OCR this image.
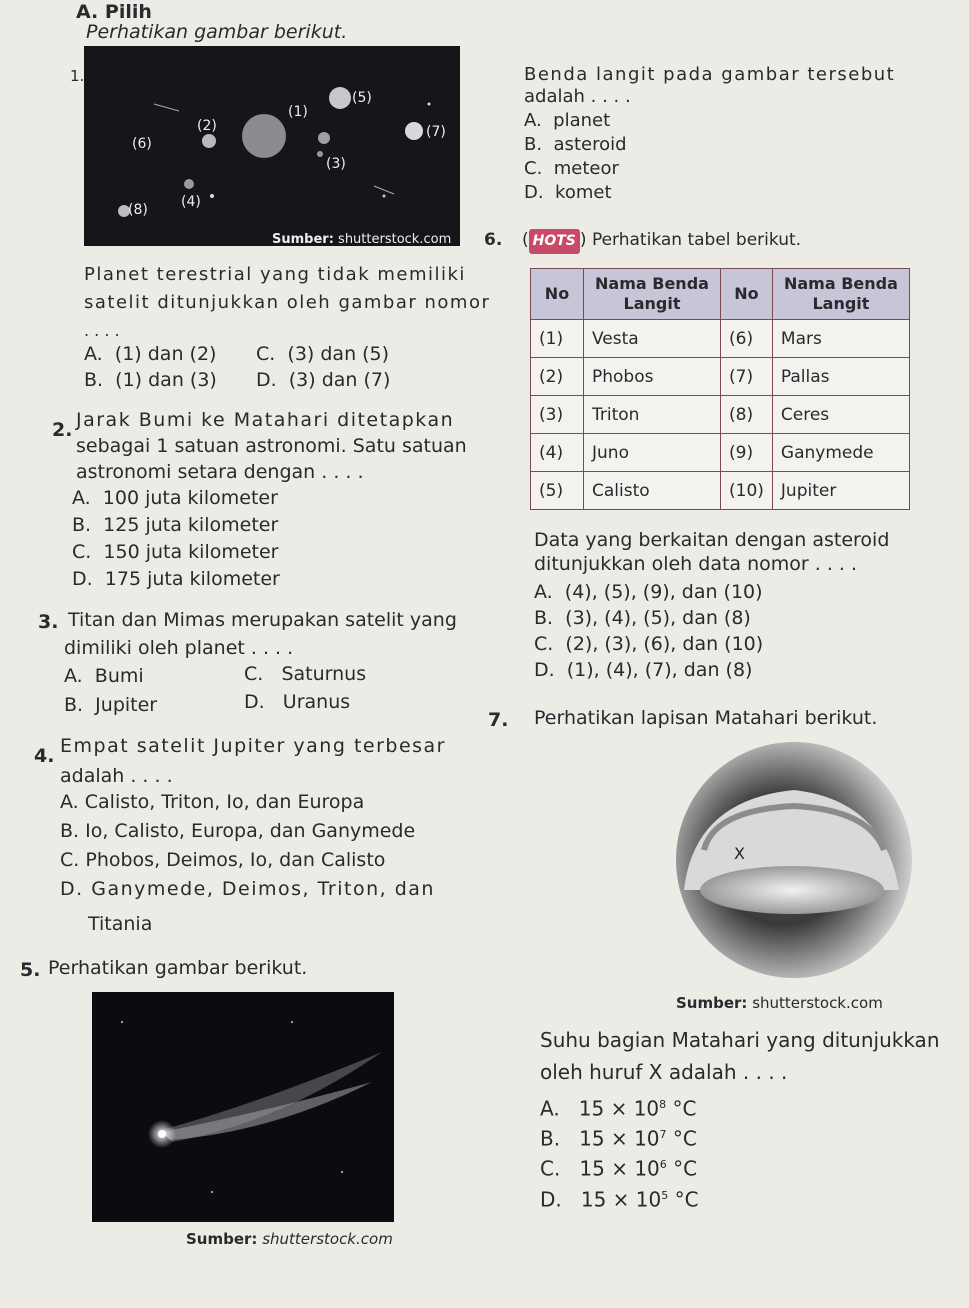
A. Pilih
1.
Perhatikan gambar berikut.
(1)
(2)
(3)
(4)
(5)
(6)
(7)
(8)
Sumber: shutterstock.com
Planet terestrial yang tidak memiliki
satelit ditunjukkan oleh gambar nomor
. . . .
A. (1) dan (2)
B. (1) dan (3)
C. (3) dan (5)
D. (3) dan (7)
2. Jarak Bumi ke Matahari ditetapkan
sebagai 1 satuan astronomi. Satu satuan
astronomi setara dengan . . . .
A. 100 juta kilometer
B. 125 juta kilometer
C. 150 juta kilometer
D. 175 juta kilometer
3. Titan dan Mimas merupakan satelit yang
dimiliki oleh planet . . . .
A. Bumi
B. Jupiter
C. Saturnus
D. Uranus
4. Empat satelit Jupiter yang terbesar
adalah . . . .
A. Calisto, Triton, Io, dan Europa
B. Io, Calisto, Europa, dan Ganymede
C. Phobos, Deimos, Io, dan Calisto
D. Ganymede, Deimos, Triton, dan
Titania
5. Perhatikan gambar berikut.
Sumber: shutterstock.com
Benda langit pada gambar tersebut
adalah . . . .
A. planet
B. asteroid
C. meteor
D. komet
6. ( HOTS ) Perhatikan tabel berikut.
No	Nama Benda Langit	No	Nama Benda Langit
(1)	Vesta	(6)	Mars
(2)	Phobos	(7)	Pallas
(3)	Triton	(8)	Ceres
(4)	Juno	(9)	Ganymede
(5)	Calisto	(10)	Jupiter
Data yang berkaitan dengan asteroid
ditunjukkan oleh data nomor . . . .
A. (4), (5), (9), dan (10)
B. (3), (4), (5), dan (8)
C. (2), (3), (6), dan (10)
D. (1), (4), (7), dan (8)
7. Perhatikan lapisan Matahari berikut.
X
Sumber: shutterstock.com
Suhu bagian Matahari yang ditunjukkan
oleh huruf X adalah . . . .
A. $15 \times 10^8$ °C
B. $15 \times 10^7$ °C
C. $15 \times 10^6$ °C
D. $15 \times 10^5$ °C
